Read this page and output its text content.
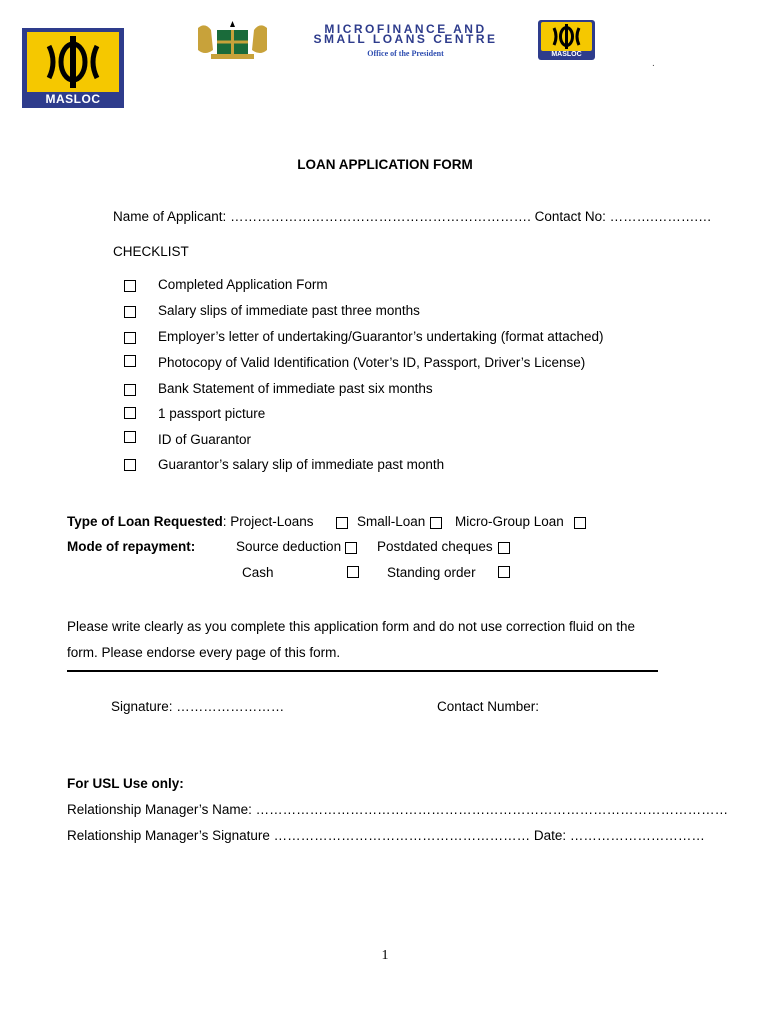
MASLOC
MICROFINANCE AND
SMALL LOANS CENTRE
Office of the President	MASLOC
.
LOAN APPLICATION FORM
Name of Applicant: …………………………………………………………. Contact No: ……….……….…
CHECKLIST
Completed Application Form
Salary slips of immediate past three months
Employer’s letter of undertaking/Guarantor’s undertaking (format attached)
Photocopy of Valid Identification (Voter’s ID, Passport, Driver’s License)
Bank Statement of immediate past six months
1 passport picture
ID of Guarantor
Guarantor’s salary slip of immediate past month
Type of Loan Requested: Project-Loans	Small-Loan Micro-Group Loan
Mode of repayment:	Source deduction	Postdated cheques
Cash	Standing order
Please write clearly as you complete this application form and do not use correction fluid on the
form. Please endorse every page of this form.
Signature: ……………………	Contact Number:
For USL Use only:
Relationship Manager’s Name: ……………………………………………………………………………………………
Relationship Manager’s Signature ………………………………………………… Date: …………………………
1
